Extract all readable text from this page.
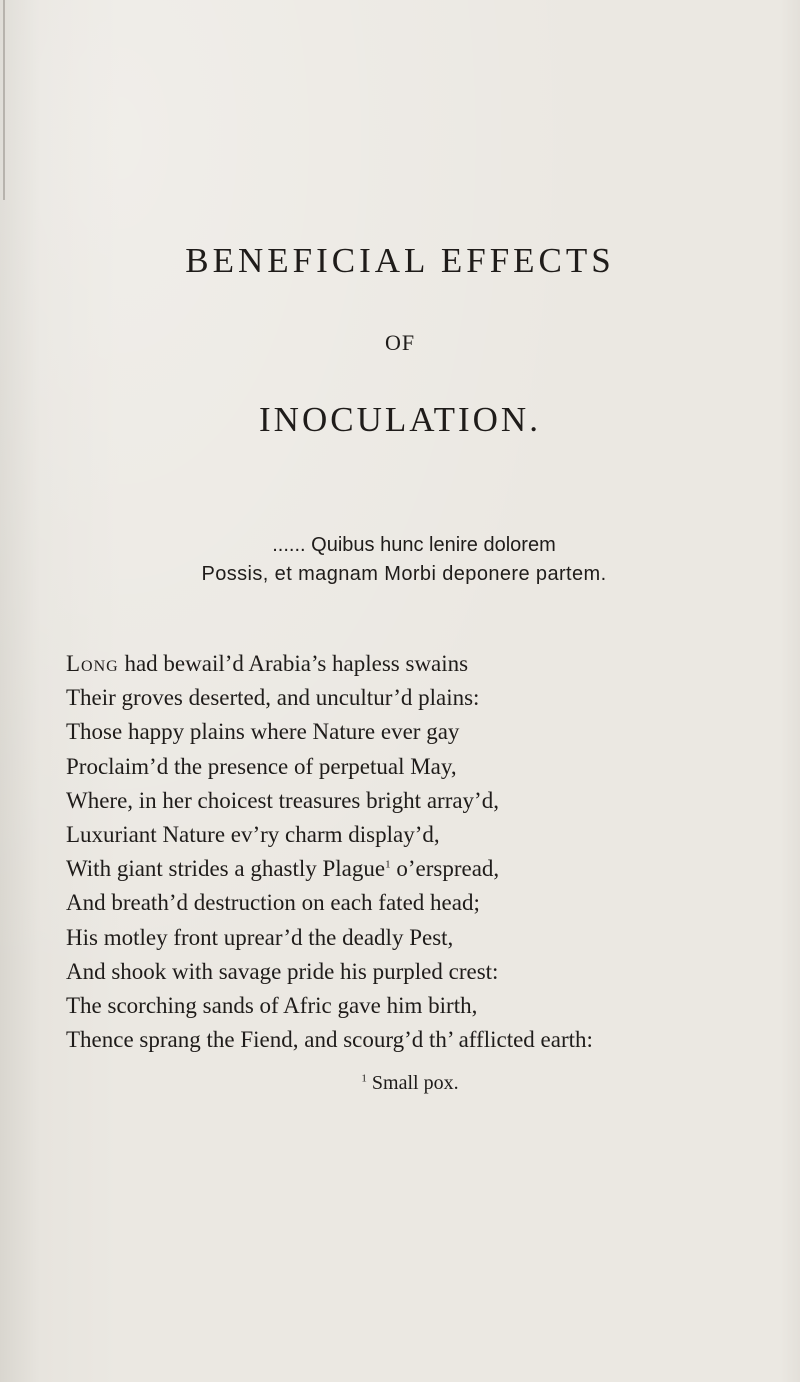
BENEFICIAL EFFECTS
OF
INOCULATION.
...... Quibus hunc lenire dolorem
Possis, et magnam Morbi deponere partem.
Long had bewail’d Arabia’s hapless swains
Their groves deserted, and uncultur’d plains:
Those happy plains where Nature ever gay
Proclaim’d the presence of perpetual May,
Where, in her choicest treasures bright array’d,
Luxuriant Nature ev’ry charm display’d,
With giant strides a ghastly Plague$^1$ o’erspread,
And breath’d destruction on each fated head;
His motley front uprear’d the deadly Pest,
And shook with savage pride his purpled crest:
The scorching sands of Afric gave him birth,
Thence sprang the Fiend, and scourg’d th’ afflicted earth:
$^1$ Small pox.
